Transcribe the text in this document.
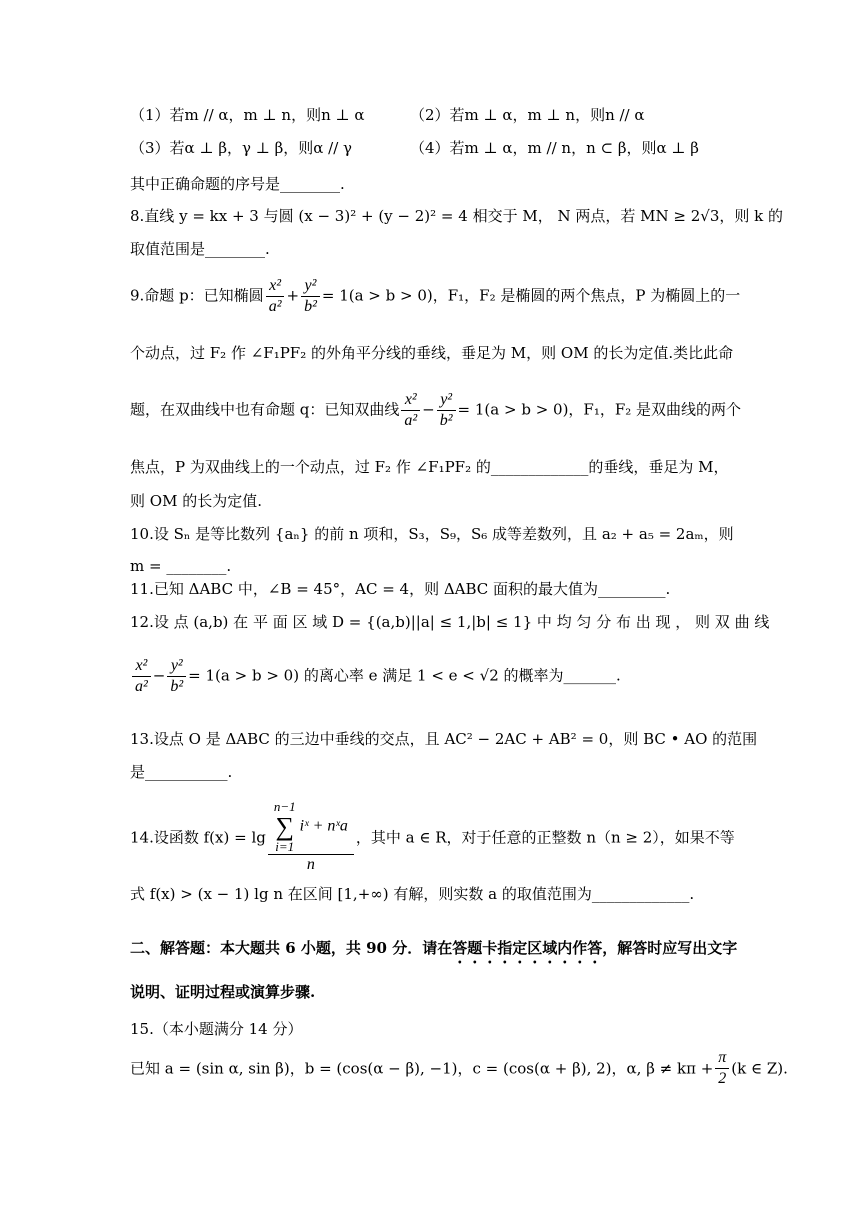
（1）若m // α，m ⊥ n，则n ⊥ α	（2）若m ⊥ α，m ⊥ n，则n // α
（3）若α ⊥ β，γ ⊥ β，则α // γ	（4）若m ⊥ α，m // n，n ⊂ β，则α ⊥ β
其中正确命题的序号是________.
8.直线 y = kx + 3 与圆 (x − 3)² + (y − 2)² = 4 相交于 M， N 两点，若 MN ≥ 2√3，则 k 的
取值范围是________.
9.命题 p：已知椭圆 $\frac{\text{x²}}{\text{a²}} + \frac{\text{y²}}{\text{b²}} = 1(a > b > 0)$，F₁，F₂ 是椭圆的两个焦点，P 为椭圆上的一
个动点，过 F₂ 作 ∠F₁PF₂ 的外角平分线的垂线，垂足为 M，则 OM 的长为定值.类比此命
题，在双曲线中也有命题 q：已知双曲线 $\frac{\text{x²}}{\text{a²}} - \frac{\text{y²}}{\text{b²}} = 1(a > b > 0)$，F₁，F₂ 是双曲线的两个
焦点，P 为双曲线上的一个动点，过 F₂ 作 ∠F₁PF₂ 的_____________的垂线，垂足为 M，
则 OM 的长为定值.
10.设 Sₙ 是等比数列 {aₙ} 的前 n 项和，S₃，S₉，S₆ 成等差数列，且 a₂ + a₅ = 2aₘ，则
m = ________.
11.已知 ΔABC 中，∠B = 45°，AC = 4，则 ΔABC 面积的最大值为_________.
12.设 点 (a,b) 在 平 面 区 域 D = {(a,b)||a| ≤ 1,|b| ≤ 1} 中 均 匀 分 布 出 现 ， 则 双 曲 线
$\frac{\text{x²}}{\text{a²}} - \frac{\text{y²}}{\text{b²}} = 1(a > b > 0)$ 的离心率 e 满足 1 < e < √2 的概率为_______.
13.设点 O 是 ΔABC 的三边中垂线的交点，且 AC² − 2AC + AB² = 0，则 BC • AO 的范围
是___________.
14.设函数 f(x) = lg n−1
∑
i=1 iˣ + nˣa
n ，其中 a ∈ R，对于任意的正整数 n（n ≥ 2），如果不等
式 f(x) > (x − 1) lg n 在区间 [1,+∞) 有解，则实数 a 的取值范围为_____________.
二、解答题：本大题共 6 小题，共 90 分．请在答题卡指定区域内作答，解答时应写出文字
说明、证明过程或演算步骤.
15.（本小题满分 14 分）
已知 a = (sin α, sin β)，b = (cos(α − β), −1)，c = (cos(α + β), 2)，α, $\beta \ne k\pi + \frac{\pi}{2} (k$ ∈ Z).
